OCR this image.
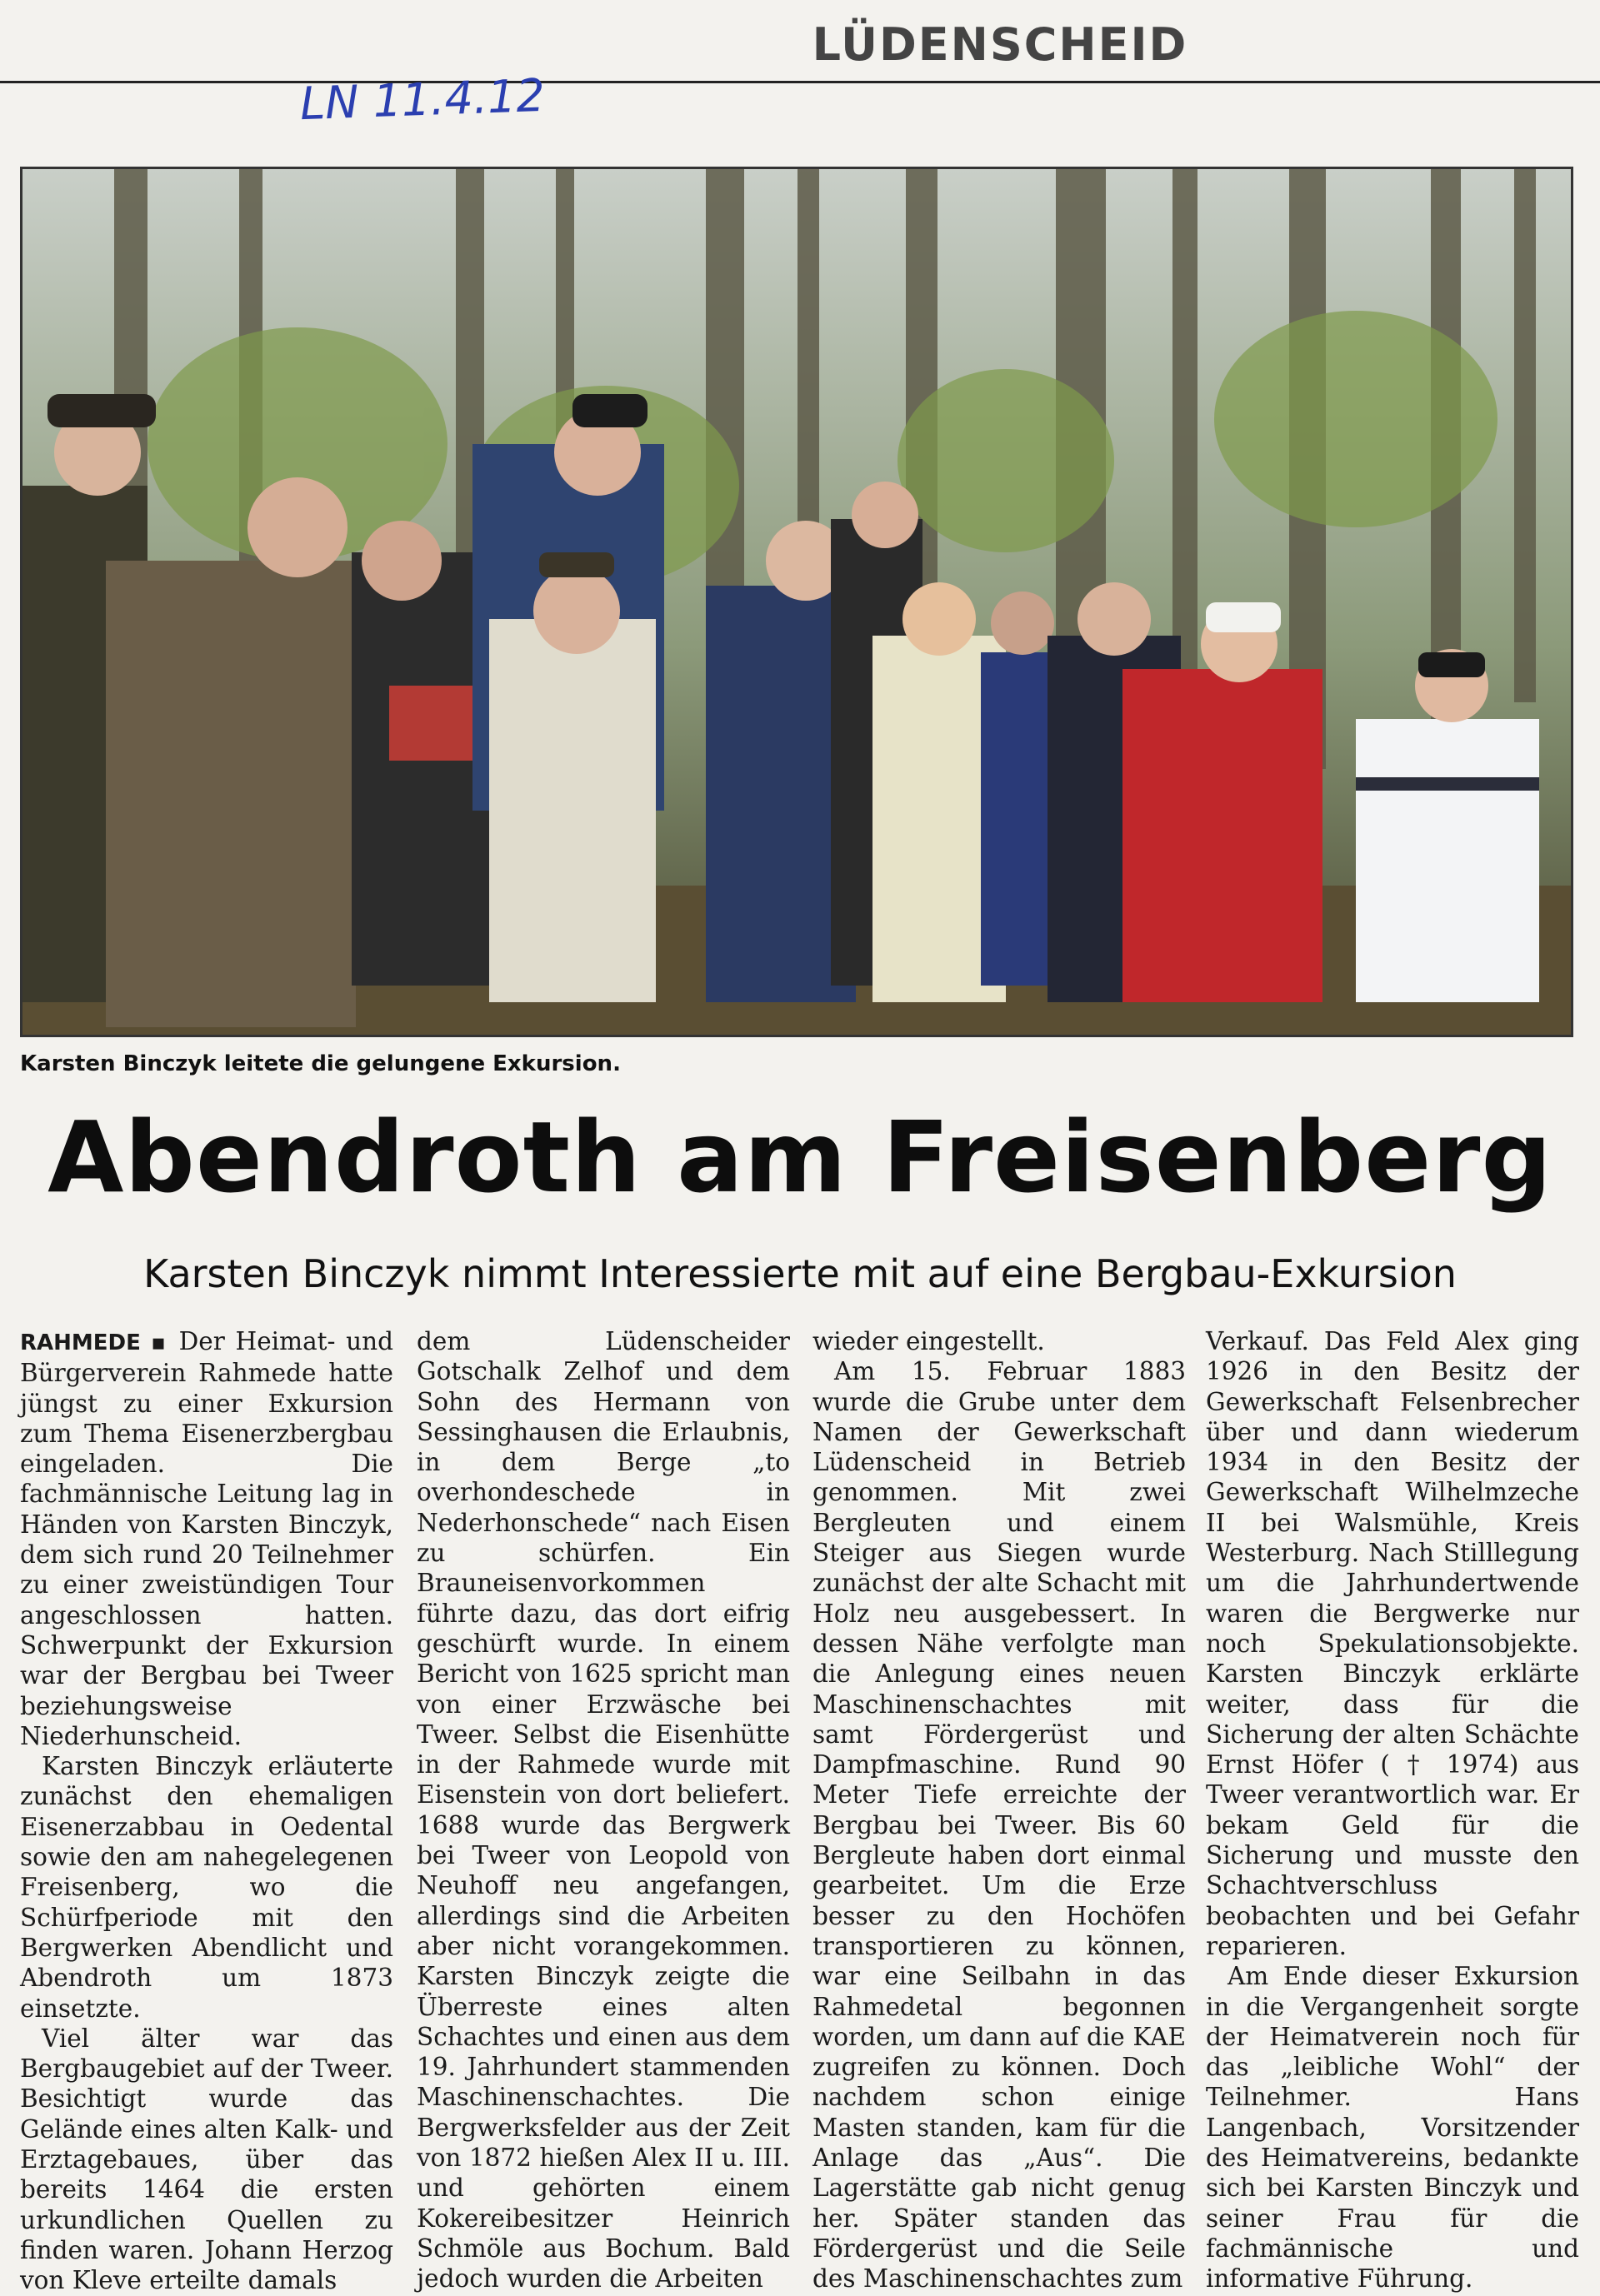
LÜDENSCHEID
LN 11.4.12
Karsten Binczyk leitete die gelungene Exkursion.
Abendroth am Freisenberg
Karsten Binczyk nimmt Interessierte mit auf eine Bergbau-Exkursion

RAHMEDE ▪ Der Heimat- und Bürgerverein Rahmede hatte jüngst zu einer Exkursion zum Thema Eisenerzbergbau eingeladen. Die fachmännische Leitung lag in Händen von Karsten Binczyk, dem sich rund 20 Teilnehmer zu einer zweistündigen Tour angeschlossen hatten. Schwerpunkt der Exkursion war der Bergbau bei Tweer beziehungsweise Niederhunscheid.

Karsten Binczyk erläuterte zunächst den ehemaligen Eisenerzabbau in Oedental sowie den am nahegelegenen Freisenberg, wo die Schürfperiode mit den Bergwerken Abendlicht und Abendroth um 1873 einsetzte.

Viel älter war das Bergbaugebiet auf der Tweer. Besichtigt wurde das Gelände eines alten Kalk- und Erztagebaues, über das bereits 1464 die ersten urkundlichen Quellen zu finden waren. Johann Herzog von Kleve erteilte damals

dem Lüdenscheider Gotschalk Zelhof und dem Sohn des Hermann von Sessinghausen die Erlaubnis, in dem Berge „to overhondeschede in Nederhonschede“ nach Eisen zu schürfen. Ein Brauneisenvorkommen führte dazu, das dort eifrig geschürft wurde. In einem Bericht von 1625 spricht man von einer Erzwäsche bei Tweer. Selbst die Eisenhütte in der Rahmede wurde mit Eisenstein von dort beliefert. 1688 wurde das Bergwerk bei Tweer von Leopold von Neuhoff neu angefangen, allerdings sind die Arbeiten aber nicht vorangekommen. Karsten Binczyk zeigte die Überreste eines alten Schachtes und einen aus dem 19. Jahrhundert stammenden Maschinenschachtes. Die Bergwerksfelder aus der Zeit von 1872 hießen Alex II u. III. und gehörten einem Kokereibesitzer Heinrich Schmöle aus Bochum. Bald jedoch wurden die Arbeiten

wieder eingestellt.

Am 15. Februar 1883 wurde die Grube unter dem Namen der Gewerkschaft Lüdenscheid in Betrieb genommen. Mit zwei Bergleuten und einem Steiger aus Siegen wurde zunächst der alte Schacht mit Holz neu ausgebessert. In dessen Nähe verfolgte man die Anlegung eines neuen Maschinenschachtes mit samt Fördergerüst und Dampfmaschine. Rund 90 Meter Tiefe erreichte der Bergbau bei Tweer. Bis 60 Bergleute haben dort einmal gearbeitet. Um die Erze besser zu den Hochöfen transportieren zu können, war eine Seilbahn in das Rahmedetal begonnen worden, um dann auf die KAE zugreifen zu können. Doch nachdem schon einige Masten standen, kam für die Anlage das „Aus“. Die Lagerstätte gab nicht genug her. Später standen das Fördergerüst und die Seile des Maschinenschachtes zum

Verkauf. Das Feld Alex ging 1926 in den Besitz der Gewerkschaft Felsenbrecher über und dann wiederum 1934 in den Besitz der Gewerkschaft Wilhelmzeche II bei Walsmühle, Kreis Westerburg. Nach Stilllegung um die Jahrhundertwende waren die Bergwerke nur noch Spekulationsobjekte. Karsten Binczyk erklärte weiter, dass für die Sicherung der alten Schächte Ernst Höfer ( † 1974) aus Tweer verantwortlich war. Er bekam Geld für die Sicherung und musste den Schachtverschluss beobachten und bei Gefahr reparieren.

Am Ende dieser Exkursion in die Vergangenheit sorgte der Heimatverein noch für das „leibliche Wohl“ der Teilnehmer. Hans Langenbach, Vorsitzender des Heimatvereins, bedankte sich bei Karsten Binczyk und seiner Frau für die fachmännische und informative Führung.
